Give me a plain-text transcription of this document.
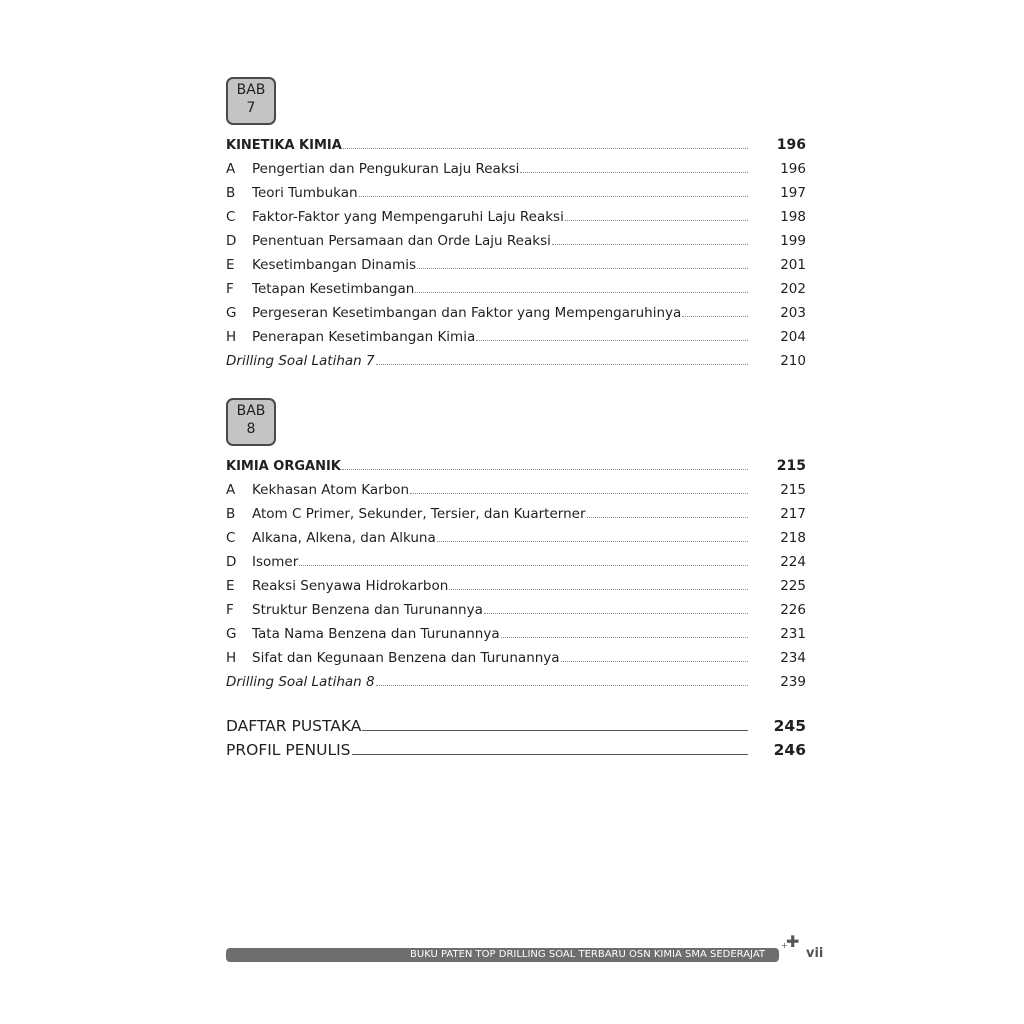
BAB
7
KINETIKA KIMIA	196
A	Pengertian dan Pengukuran Laju Reaksi	196
B	Teori Tumbukan	197
C	Faktor-Faktor yang Mempengaruhi Laju Reaksi	198
D	Penentuan Persamaan dan Orde Laju Reaksi	199
E	Kesetimbangan Dinamis	201
F	Tetapan Kesetimbangan	202
G	Pergeseran Kesetimbangan dan Faktor yang Mempengaruhinya	203
H	Penerapan Kesetimbangan Kimia	204
Drilling Soal Latihan 7	210
BAB
8
KIMIA ORGANIK	215
A	Kekhasan Atom Karbon	215
B	Atom C Primer, Sekunder, Tersier, dan Kuarterner	217
C	Alkana, Alkena, dan Alkuna	218
D	Isomer	224
E	Reaksi Senyawa Hidrokarbon	225
F	Struktur Benzena dan Turunannya	226
G	Tata Nama Benzena dan Turunannya	231
H	Sifat dan Kegunaan Benzena dan Turunannya	234
Drilling Soal Latihan 8	239
DAFTAR PUSTAKA	245
PROFIL PENULIS	246
BUKU PATEN TOP DRILLING SOAL TERBARU OSN KIMIA SMA SEDERAJAT
+
✚
vii
